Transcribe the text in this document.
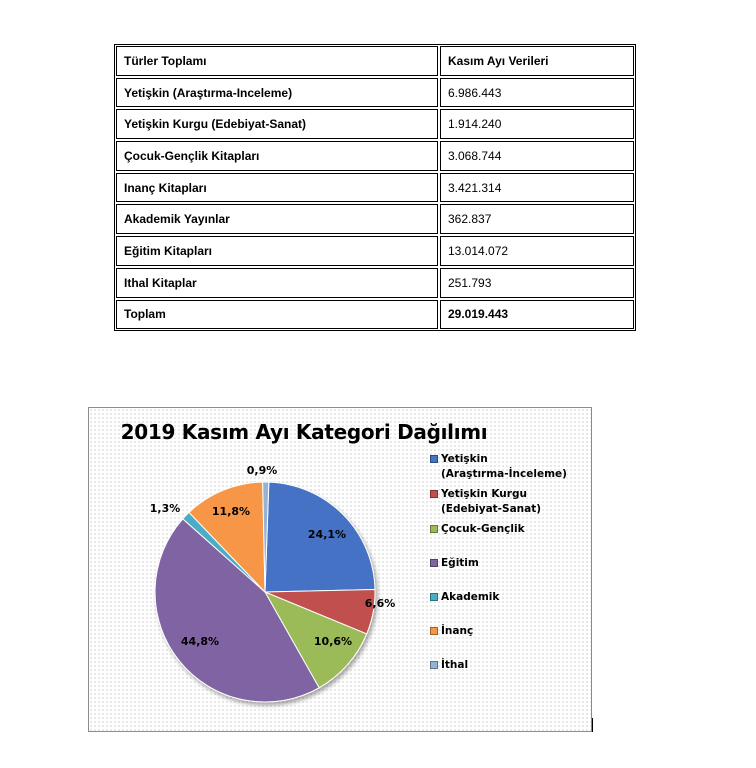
Türler Toplamı	Kasım Ayı Verileri
Yetişkin (Araştırma-Inceleme)	6.986.443
Yetişkin Kurgu (Edebiyat-Sanat)	1.914.240
Çocuk-Gençlik Kitapları	3.068.744
Inanç Kitapları	3.421.314
Akademik Yayınlar	362.837
Eğitim Kitapları	13.014.072
Ithal Kitaplar	251.793
Toplam	29.019.443
2019 Kasım Ayı Kategori Dağılımı
24,1%
6,6%
10,6%
44,8%
1,3%	11,8%
0,9%
Yetişkin
(Araştırma-İnceleme)
Yetişkin Kurgu
(Edebiyat-Sanat)
Çocuk-Gençlik
Eğitim
Akademik
İnanç
İthal
